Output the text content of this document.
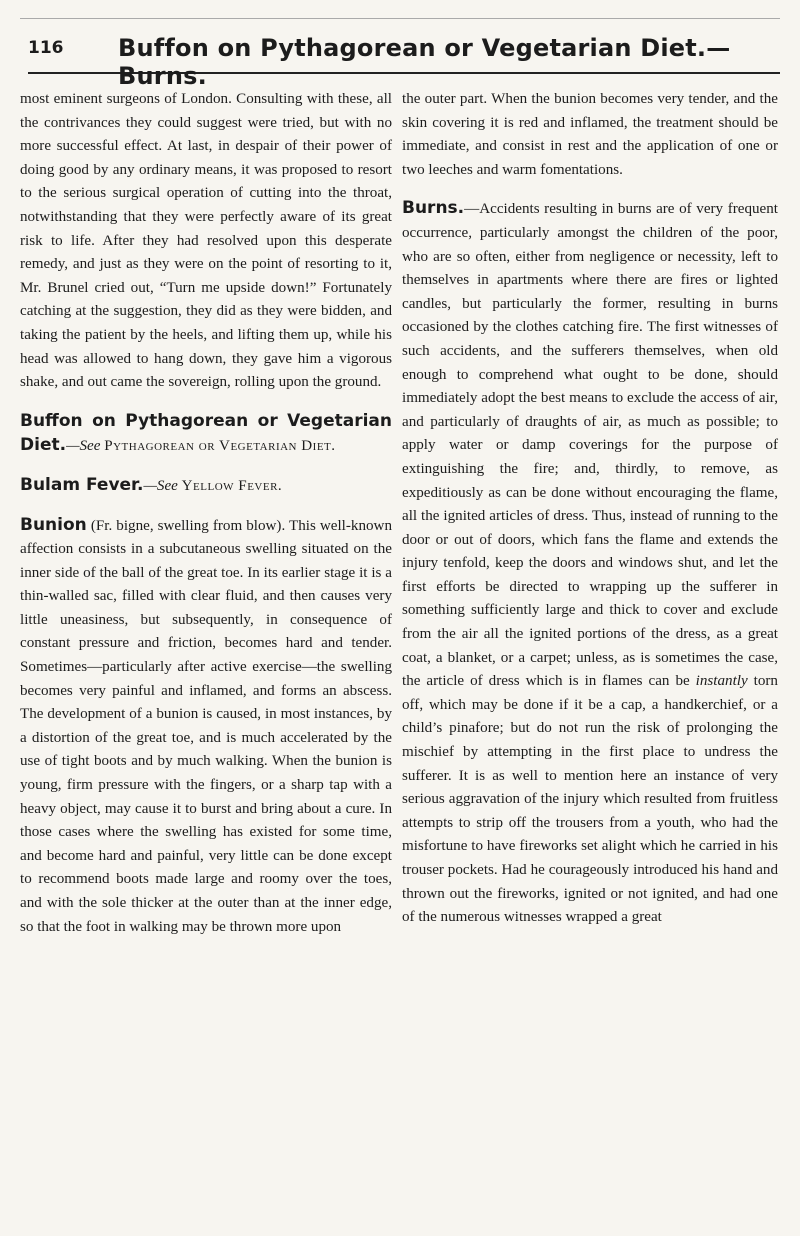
116 Buffon on Pythagorean or Vegetarian Diet.—Burns.

most eminent surgeons of London. Consulting with these, all the contrivances they could suggest were tried, but with no more successful effect. At last, in despair of their power of doing good by any ordinary means, it was proposed to resort to the serious surgical operation of cutting into the throat, notwithstanding that they were perfectly aware of its great risk to life. After they had resolved upon this desperate remedy, and just as they were on the point of resorting to it, Mr. Brunel cried out, “Turn me upside down!” Fortunately catching at the suggestion, they did as they were bidden, and taking the patient by the heels, and lifting them up, while his head was allowed to hang down, they gave him a vigorous shake, and out came the sovereign, rolling upon the ground.

Buffon on Pythagorean or Vegetarian Diet.—See Pythagorean or Vegetarian Diet.

Bulam Fever.—See Yellow Fever.

Bunion (Fr. bigne, swelling from blow). This well-known affection consists in a subcutaneous swelling situated on the inner side of the ball of the great toe. In its earlier stage it is a thin-walled sac, filled with clear fluid, and then causes very little uneasiness, but subsequently, in consequence of constant pressure and friction, becomes hard and tender. Sometimes—particularly after active exercise—the swelling becomes very painful and inflamed, and forms an abscess. The development of a bunion is caused, in most instances, by a distortion of the great toe, and is much accelerated by the use of tight boots and by much walking. When the bunion is young, firm pressure with the fingers, or a sharp tap with a heavy object, may cause it to burst and bring about a cure. In those cases where the swelling has existed for some time, and become hard and painful, very little can be done except to recommend boots made large and roomy over the toes, and with the sole thicker at the outer than at the inner edge, so that the foot in walking may be thrown more upon

the outer part. When the bunion becomes very tender, and the skin covering it is red and inflamed, the treatment should be immediate, and consist in rest and the application of one or two leeches and warm fomentations.

Burns.—Accidents resulting in burns are of very frequent occurrence, particularly amongst the children of the poor, who are so often, either from negligence or necessity, left to themselves in apartments where there are fires or lighted candles, but particularly the former, resulting in burns occasioned by the clothes catching fire. The first witnesses of such accidents, and the sufferers themselves, when old enough to comprehend what ought to be done, should immediately adopt the best means to exclude the access of air, and particularly of draughts of air, as much as possible; to apply water or damp coverings for the purpose of extinguishing the fire; and, thirdly, to remove, as expeditiously as can be done without encouraging the flame, all the ignited articles of dress. Thus, instead of running to the door or out of doors, which fans the flame and extends the injury tenfold, keep the doors and windows shut, and let the first efforts be directed to wrapping up the sufferer in something sufficiently large and thick to cover and exclude from the air all the ignited portions of the dress, as a great coat, a blanket, or a carpet; unless, as is sometimes the case, the article of dress which is in flames can be instantly torn off, which may be done if it be a cap, a handkerchief, or a child’s pinafore; but do not run the risk of prolonging the mischief by attempting in the first place to undress the sufferer. It is as well to mention here an instance of very serious aggravation of the injury which resulted from fruitless attempts to strip off the trousers from a youth, who had the misfortune to have fireworks set alight which he carried in his trouser pockets. Had he courageously introduced his hand and thrown out the fireworks, ignited or not ignited, and had one of the numerous witnesses wrapped a great
